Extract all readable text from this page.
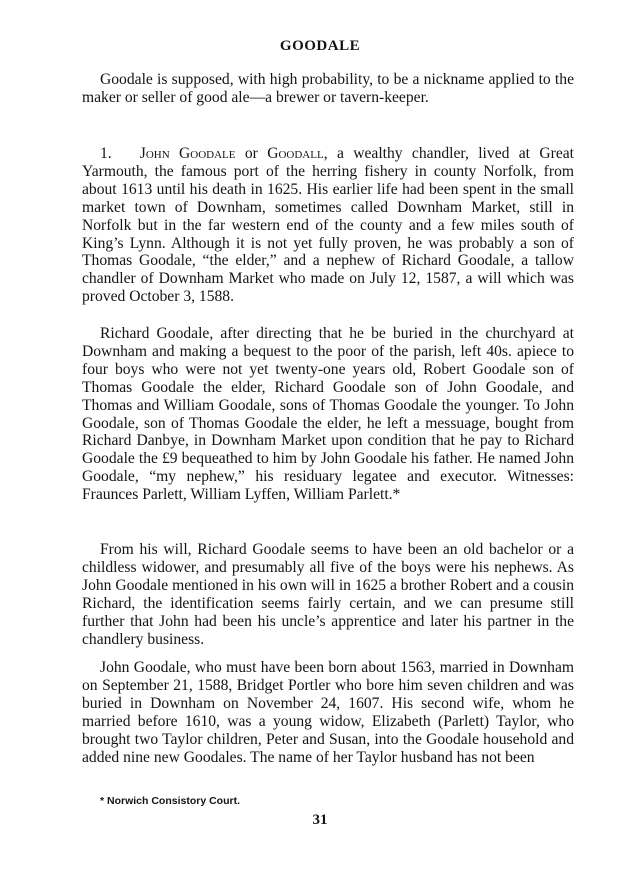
GOODALE

Goodale is supposed, with high probability, to be a nickname applied to the maker or seller of good ale—a brewer or tavern-keeper.

1. John Goodale or Goodall, a wealthy chandler, lived at Great Yarmouth, the famous port of the herring fishery in county Norfolk, from about 1613 until his death in 1625. His earlier life had been spent in the small market town of Downham, sometimes called Downham Market, still in Norfolk but in the far western end of the county and a few miles south of King’s Lynn. Although it is not yet fully proven, he was probably a son of Thomas Goodale, “the elder,” and a nephew of Richard Goodale, a tallow chandler of Downham Market who made on July 12, 1587, a will which was proved October 3, 1588.

Richard Goodale, after directing that he be buried in the churchyard at Downham and making a bequest to the poor of the parish, left 40s. apiece to four boys who were not yet twenty-one years old, Robert Goodale son of Thomas Goodale the elder, Richard Goodale son of John Goodale, and Thomas and William Goodale, sons of Thomas Goodale the younger. To John Goodale, son of Thomas Goodale the elder, he left a messuage, bought from Richard Danbye, in Downham Market upon condition that he pay to Richard Goodale the £9 bequeathed to him by John Goodale his father. He named John Goodale, “my nephew,” his residuary legatee and executor. Witnesses: Fraunces Parlett, William Lyffen, William Parlett.*

From his will, Richard Goodale seems to have been an old bachelor or a childless widower, and presumably all five of the boys were his nephews. As John Goodale mentioned in his own will in 1625 a brother Robert and a cousin Richard, the identification seems fairly certain, and we can presume still further that John had been his uncle’s apprentice and later his partner in the chandlery business.

John Goodale, who must have been born about 1563, married in Downham on September 21, 1588, Bridget Portler who bore him seven children and was buried in Downham on November 24, 1607. His second wife, whom he married before 1610, was a young widow, Elizabeth (Parlett) Taylor, who brought two Taylor children, Peter and Susan, into the Goodale household and added nine new Goodales. The name of her Taylor husband has not been

* Norwich Consistory Court.
31
